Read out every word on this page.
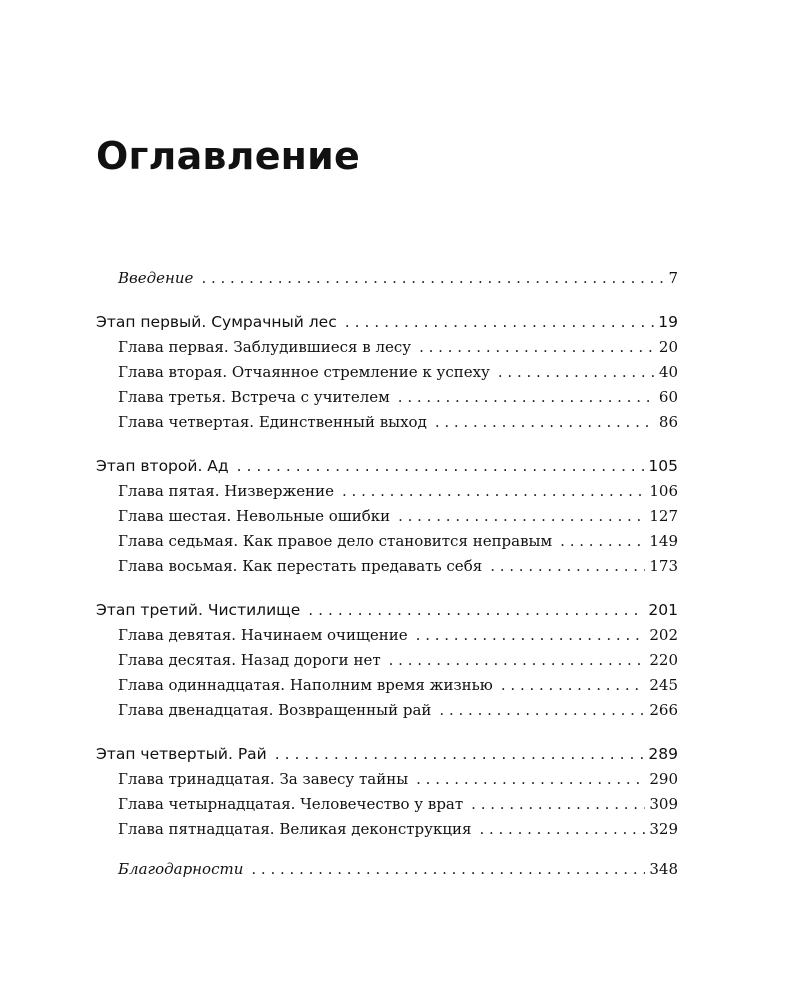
Оглавление
Введение . . .	7
Этап первый. Сумрачный лес . . .	19
Глава первая. Заблудившиеся в лесу . . .	20
Глава вторая. Отчаянное стремление к успеху . . .	40
Глава третья. Встреча с учителем . . .	60
Глава четвертая. Единственный выход . . .	86
Этап второй. Ад . . .	105
Глава пятая. Низвержение . . .	106
Глава шестая. Невольные ошибки . . .	127
Глава седьмая. Как правое дело становится неправым . . .	149
Глава восьмая. Как перестать предавать себя . . .	173
Этап третий. Чистилище . . .	201
Глава девятая. Начинаем очищение . . .	202
Глава десятая. Назад дороги нет . . .	220
Глава одиннадцатая. Наполним время жизнью . . .	245
Глава двенадцатая. Возвращенный рай . . .	266
Этап четвертый. Рай . . .	289
Глава тринадцатая. За завесу тайны . . .	290
Глава четырнадцатая. Человечество у врат . . .	309
Глава пятнадцатая. Великая деконструкция . . .	329
Благодарности . . .	348
